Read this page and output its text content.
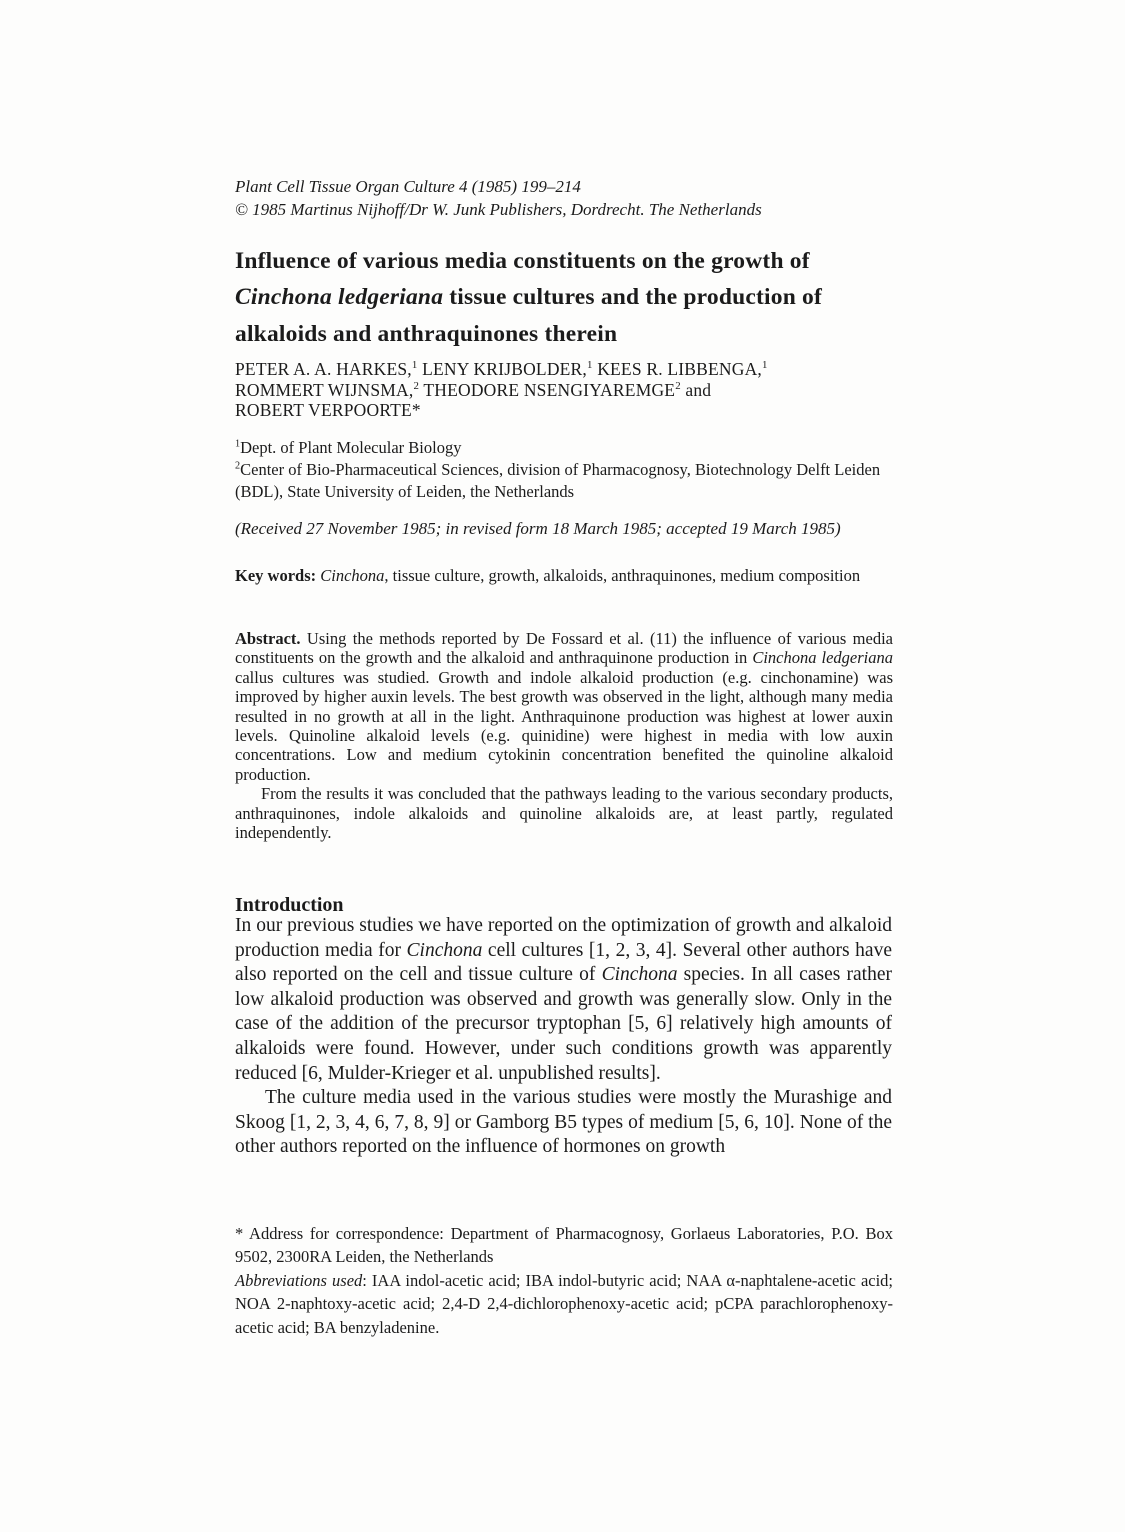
Plant Cell Tissue Organ Culture 4 (1985) 199–214

© 1985 Martinus Nijhoff/Dr W. Junk Publishers, Dordrecht. The Netherlands

Influence of various media constituents on the growth of
Cinchona ledgeriana tissue cultures and the production of
alkaloids and anthraquinones therein
PETER A. A. HARKES,$^1$ LENY KRIJBOLDER,$^1$ KEES R. LIBBENGA,$^1$
ROMMERT WIJNSMA,$^2$ THEODORE NSENGIYAREMGE$^2$ and
ROBERT VERPOORTE*
$^1$Dept. of Plant Molecular Biology
$^2$Center of Bio-Pharmaceutical Sciences, division of Pharmacognosy, Biotechnology Delft Leiden (BDL), State University of Leiden, the Netherlands
(Received 27 November 1985; in revised form 18 March 1985; accepted 19 March 1985)
Key words: Cinchona, tissue culture, growth, alkaloids, anthraquinones, medium composition

Abstract. Using the methods reported by De Fossard et al. (11) the influence of various media constituents on the growth and the alkaloid and anthraquinone production in Cinchona ledgeriana callus cultures was studied. Growth and indole alkaloid production (e.g. cinchonamine) was improved by higher auxin levels. The best growth was observed in the light, although many media resulted in no growth at all in the light. Anthraquinone production was highest at lower auxin levels. Quinoline alkaloid levels (e.g. quinidine) were highest in media with low auxin concentrations. Low and medium cytokinin concentration benefited the quinoline alkaloid production.

From the results it was concluded that the pathways leading to the various secondary products, anthraquinones, indole alkaloids and quinoline alkaloids are, at least partly, regulated independently.

Introduction

In our previous studies we have reported on the optimization of growth and alkaloid production media for Cinchona cell cultures [1, 2, 3, 4]. Several other authors have also reported on the cell and tissue culture of Cinchona species. In all cases rather low alkaloid production was observed and growth was generally slow. Only in the case of the addition of the precursor tryptophan [5, 6] relatively high amounts of alkaloids were found. However, under such conditions growth was apparently reduced [6, Mulder-Krieger et al. unpublished results].

The culture media used in the various studies were mostly the Murashige and Skoog [1, 2, 3, 4, 6, 7, 8, 9] or Gamborg B5 types of medium [5, 6, 10]. None of the other authors reported on the influence of hormones on growth

* Address for correspondence: Department of Pharmacognosy, Gorlaeus Laboratories, P.O. Box 9502, 2300RA Leiden, the Netherlands

Abbreviations used: IAA indol-acetic acid; IBA indol-butyric acid; NAA α-naphtalene-acetic acid; NOA 2-naphtoxy-acetic acid; 2,4-D 2,4-dichlorophenoxy-acetic acid; pCPA parachlorophenoxy-acetic acid; BA benzyladenine.
